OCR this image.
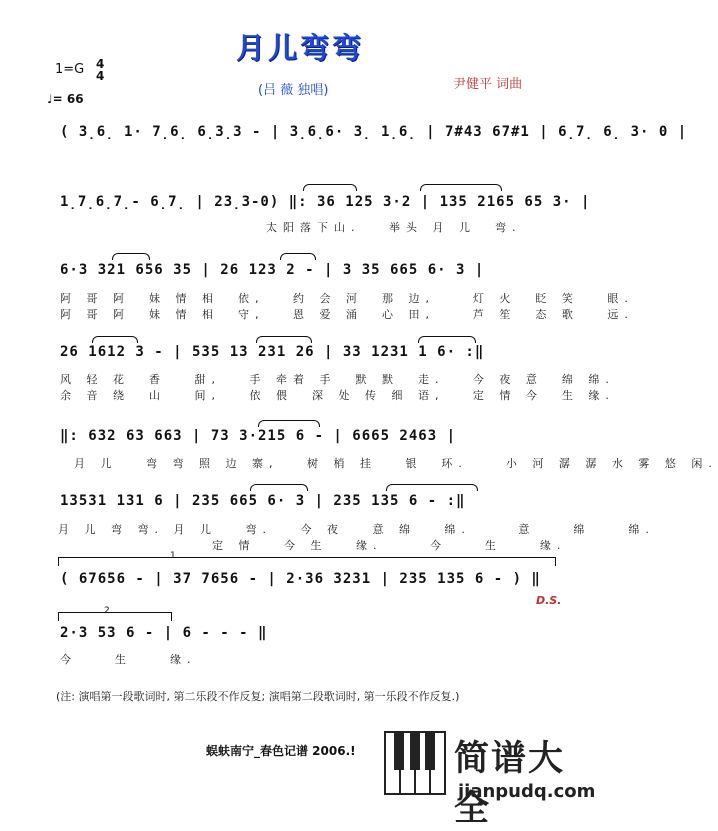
月儿弯弯
1=G 4
4
♩= 66
(吕 薇 独唱)	尹健平 词曲
( 3̣6̣ 1· 7̣6̣ 6̣3̣3 - | 3̣6̣6· 3̣ 1̣6̣ | 7#43 67#1 | 6̣7̣ 6̣ 3· 0 |
1̣7̣6̣7̣- 6̣7̣ | 23̣3-0) ‖: 36 125 3·2 | 135 2165 65 3· |
太阳落下山.   举头 月 儿  弯.
6·3 321 656 35 | 26 123 2 - | 3 35 665 6· 3 |
阿 哥 阿  妹 情 相  依,   约 会 河  那 边,    灯 火  眨 笑   眼.
阿 哥 阿  妹 情 相  守,   恩 爱 涌  心 田,    芦 笙  态 歌   远.
26 1612 3 - | 535 13 231 26 | 33 1231 1 6· :‖
风 轻 花  香   甜,   手 牵着 手  默 默  走.   今 夜 意  绵 绵.
余 音 绕  山   间,   依 偎  深 处 传 细 语,   定 情 今  生 缘.
‖: 632 63 663 | 73 3·215 6 - | 6665 2463 |
月 儿   弯 弯 照 边 寨,   树 梢 挂   银  环.    小 河 潺 潺 水 雾 悠 闲.
13531 131 6 | 235 665 6· 3 | 235 135 6 - :‖
月 儿 弯 弯. 月 儿   弯.   今 夜   意 绵   绵.     意    绵    绵.
定 情   今 生   缘.     今    生    缘.
1
( 67656 - | 37 7656 - | 2·36 3231 | 235 135 6 - ) ‖
D.S.
2
2·3 53 6 - | 6 - - - ‖
今    生    缘.
(注: 演唱第一段歌词时, 第二乐段不作反复; 演唱第二段歌词时, 第一乐段不作反复.)
蜈蚨南宁_春色记谱 2006.!	简谱大全
jianpudq.com
